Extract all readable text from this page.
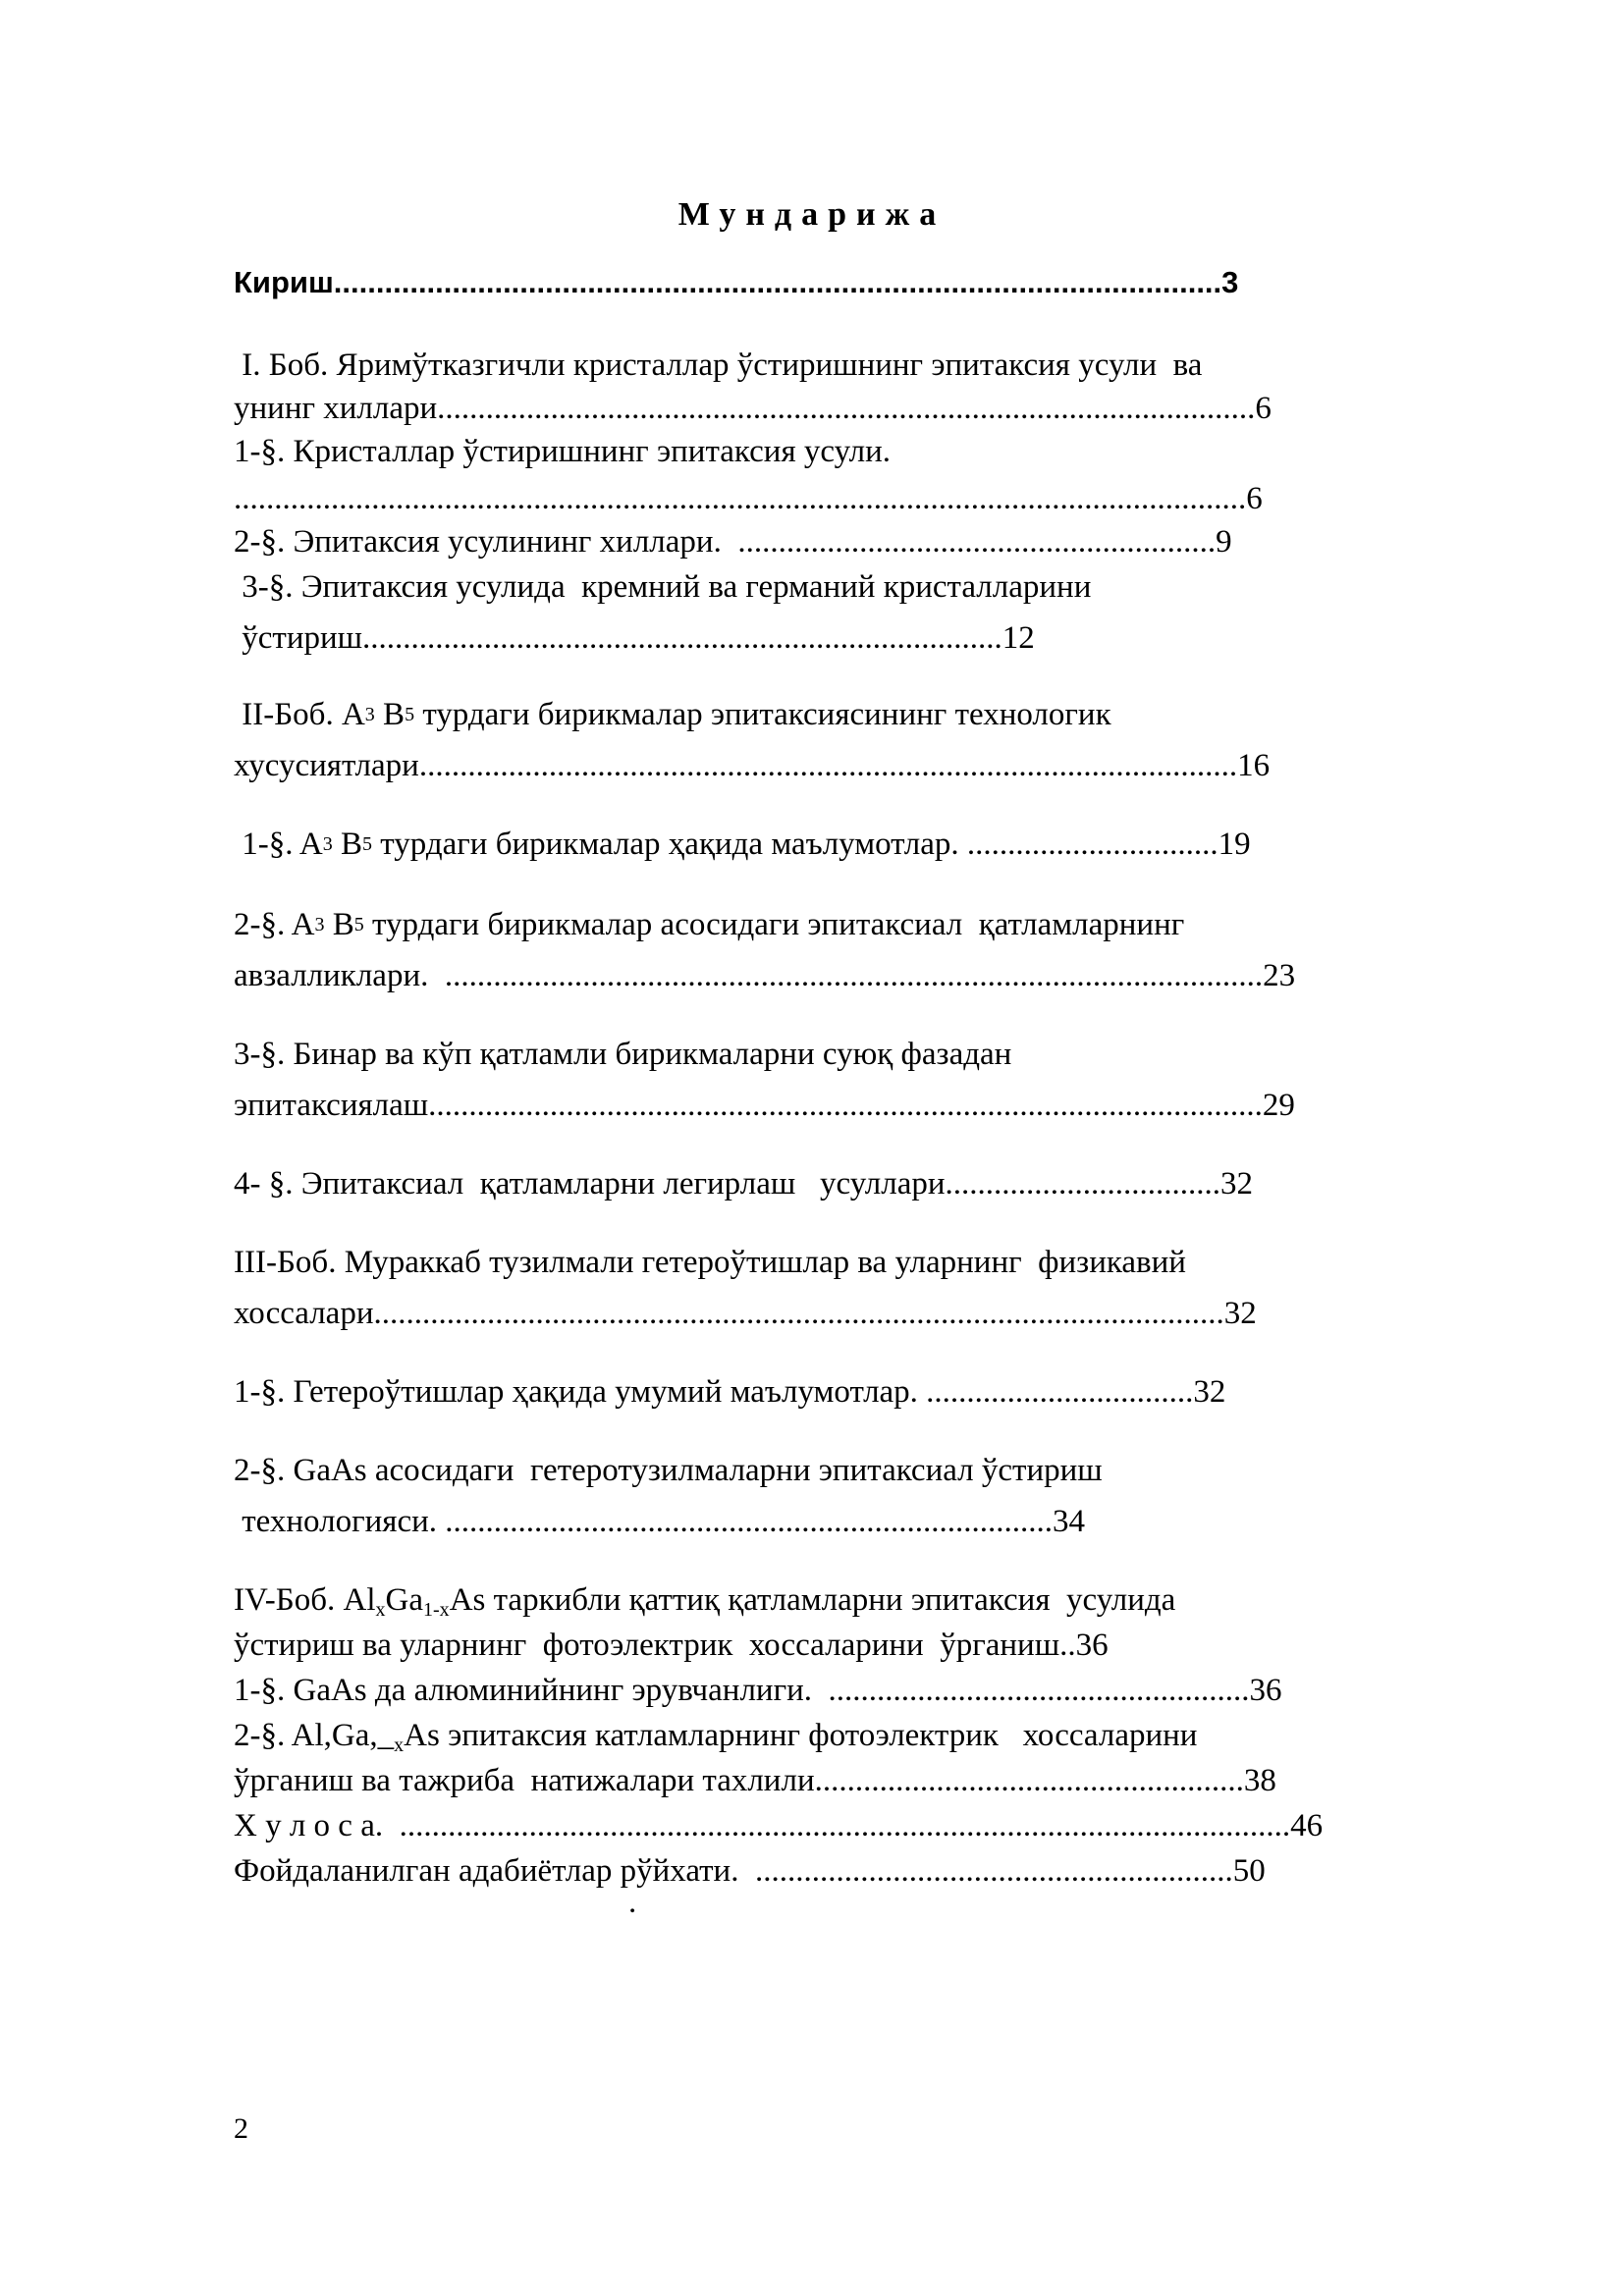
Мундарижа
Кириш.........................................................................................................3
I. Боб. Яримўтказгичли кристаллар ўстиришнинг эпитаксия усули  ва
унинг хиллари.....................................................................................................6
1-§. Кристаллар ўстиришнинг эпитаксия усули.
.............................................................................................................................6
2-§. Эпитаксия усулининг хиллари.  ...........................................................9
3-§. Эпитаксия усулида  кремний ва германий кристалларини
ўстириш...............................................................................12
II-Боб. $A^3$ $B^5$ турдаги бирикмалар эпитаксиясининг технологик
хусусиятлари.....................................................................................................16
1-§. $A^3$ $B^5$ турдаги бирикмалар ҳақида маълумотлар. ...............................19
2-§. $A^3$ $B^5$ турдаги бирикмалар асосидаги эпитаксиал  қатламларнинг
авзалликлари.  .....................................................................................................23
3-§. Бинар ва кўп қатламли бирикмаларни суюқ фазадан
эпитаксиялаш.......................................................................................................29
4- §. Эпитаксиал  қатламларни легирлаш   усуллари..................................32
III-Боб. Мураккаб тузилмали гетероўтишлар ва уларнинг  физикавий
хоссалари.........................................................................................................32
1-§. Гетероўтишлар ҳақида умумий маълумотлар. .................................32
2-§. GaAs асосидаги  гетеротузилмаларни эпитаксиал ўстириш
технологияси. ...........................................................................34
IV-Боб. $Al_xGa_{1-x}As$ таркибли қаттиқ қатламларни эпитаксия  усулида
ўстириш ва уларнинг  фотоэлектрик  хоссаларини  ўрганиш..36
1-§. GaAs да алюминийнинг эрувчанлиги.  ....................................................36
2-§. $Al,Ga,\__xAs$ эпитаксия катламларнинг фотоэлектрик   хоссаларини
ўрганиш ва тажриба  натижалари тахлили.....................................................38
Х у л о с а.  ..............................................................................................................46
Фойдаланилган адабиётлар рўйхати.  ...........................................................50
.
2
